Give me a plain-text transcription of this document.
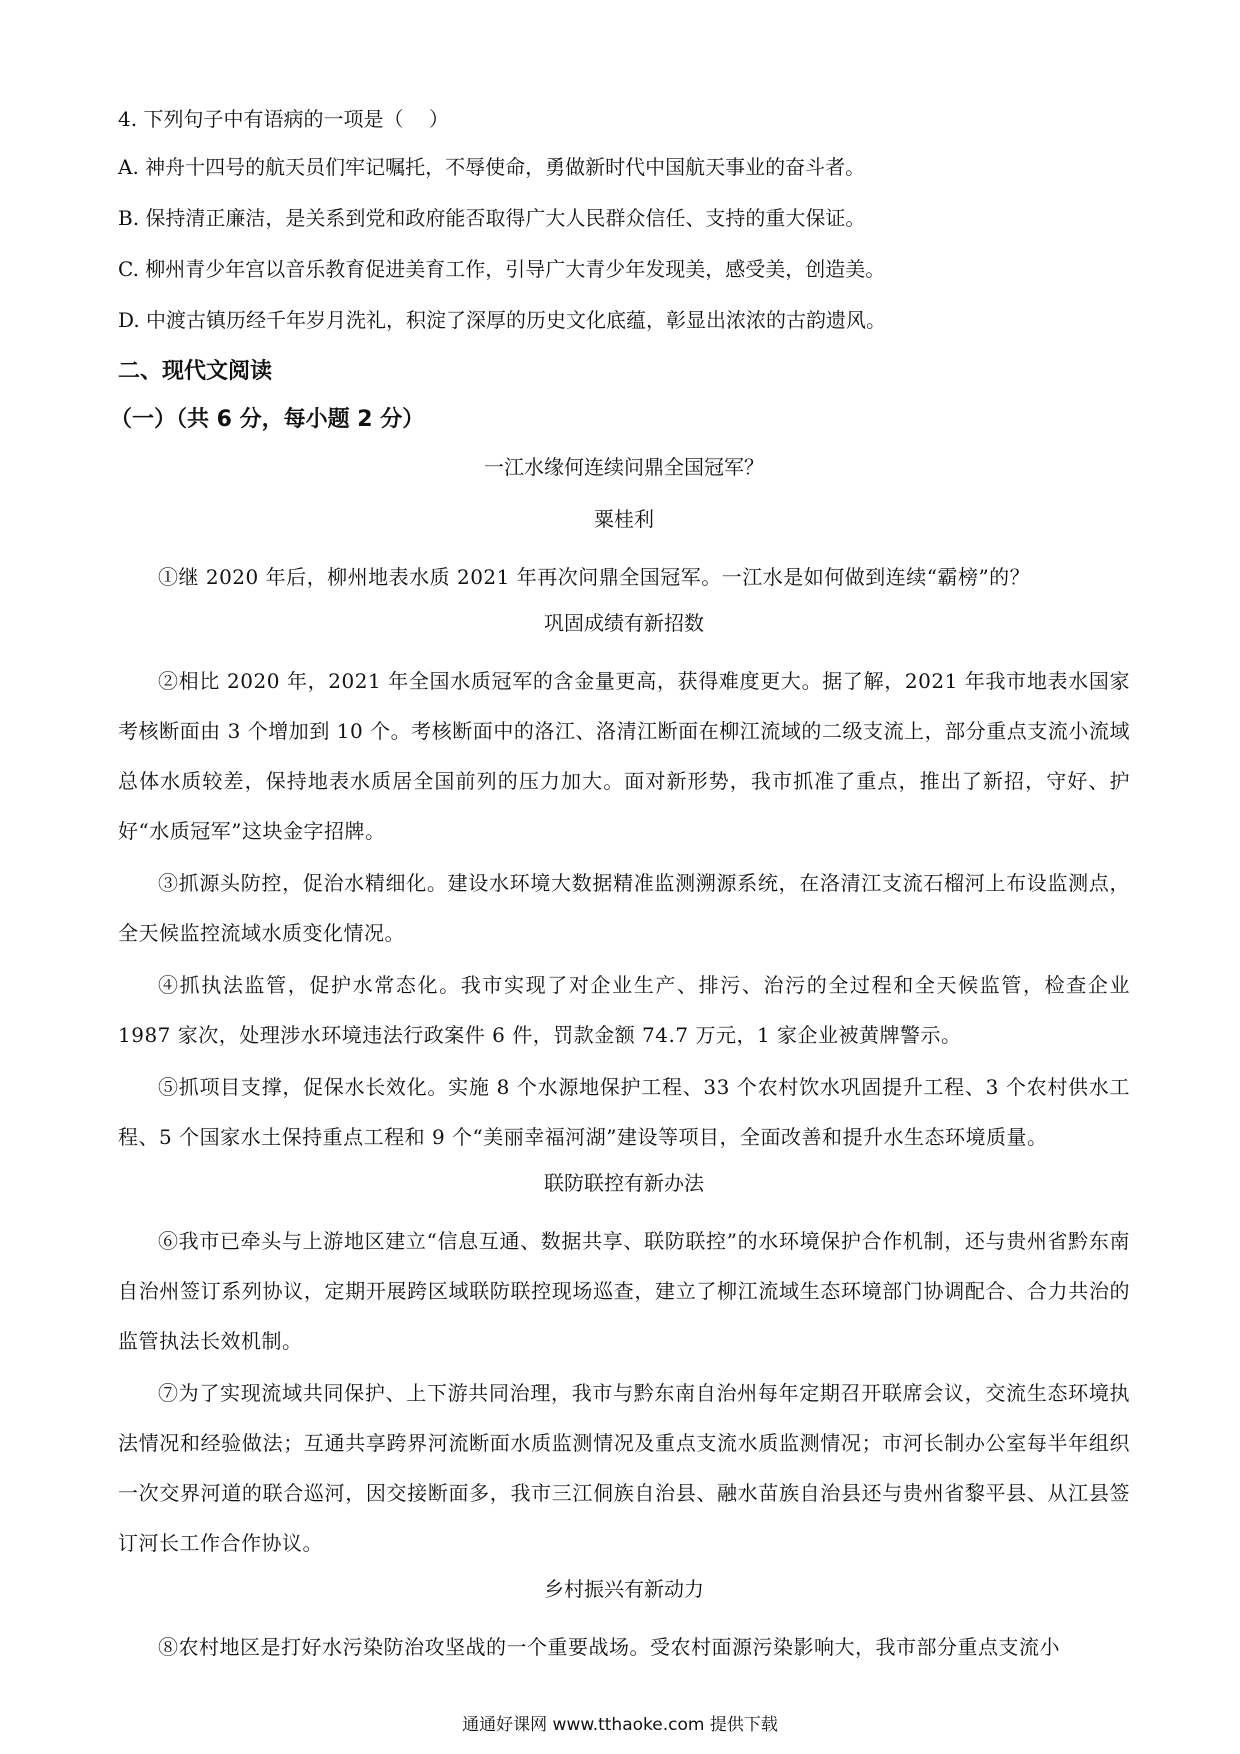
4. 下列句子中有语病的一项是（    ）

A. 神舟十四号的航天员们牢记嘱托，不辱使命，勇做新时代中国航天事业的奋斗者。

B. 保持清正廉洁，是关系到党和政府能否取得广大人民群众信任、支持的重大保证。

C. 柳州青少年宫以音乐教育促进美育工作，引导广大青少年发现美，感受美，创造美。

D. 中渡古镇历经千年岁月洗礼，积淀了深厚的历史文化底蕴，彰显出浓浓的古韵遗风。

二、现代文阅读

（一）（共 6 分，每小题 2 分）

一江水缘何连续问鼎全国冠军？

粟桂利

①继 2020 年后，柳州地表水质 2021 年再次问鼎全国冠军。一江水是如何做到连续“霸榜”的？

巩固成绩有新招数

②相比 2020 年，2021 年全国水质冠军的含金量更高，获得难度更大。据了解，2021 年我市地表水国家考核断面由 3 个增加到 10 个。考核断面中的洛江、洛清江断面在柳江流域的二级支流上，部分重点支流小流域总体水质较差，保持地表水质居全国前列的压力加大。面对新形势，我市抓准了重点，推出了新招，守好、护好“水质冠军”这块金字招牌。

③抓源头防控，促治水精细化。建设水环境大数据精准监测溯源系统，在洛清江支流石榴河上布设监测点，全天候监控流域水质变化情况。

④抓执法监管，促护水常态化。我市实现了对企业生产、排污、治污的全过程和全天候监管，检查企业 1987 家次，处理涉水环境违法行政案件 6 件，罚款金额 74.7 万元，1 家企业被黄牌警示。

⑤抓项目支撑，促保水长效化。实施 8 个水源地保护工程、33 个农村饮水巩固提升工程、3 个农村供水工程、5 个国家水土保持重点工程和 9 个“美丽幸福河湖”建设等项目，全面改善和提升水生态环境质量。

联防联控有新办法

⑥我市已牵头与上游地区建立“信息互通、数据共享、联防联控”的水环境保护合作机制，还与贵州省黔东南自治州签订系列协议，定期开展跨区域联防联控现场巡查，建立了柳江流域生态环境部门协调配合、合力共治的监管执法长效机制。

⑦为了实现流域共同保护、上下游共同治理，我市与黔东南自治州每年定期召开联席会议，交流生态环境执法情况和经验做法；互通共享跨界河流断面水质监测情况及重点支流水质监测情况；市河长制办公室每半年组织一次交界河道的联合巡河，因交接断面多，我市三江侗族自治县、融水苗族自治县还与贵州省黎平县、从江县签订河长工作合作协议。

乡村振兴有新动力

⑧农村地区是打好水污染防治攻坚战的一个重要战场。受农村面源污染影响大，我市部分重点支流小

通通好课网 www.tthaoke.com 提供下载
